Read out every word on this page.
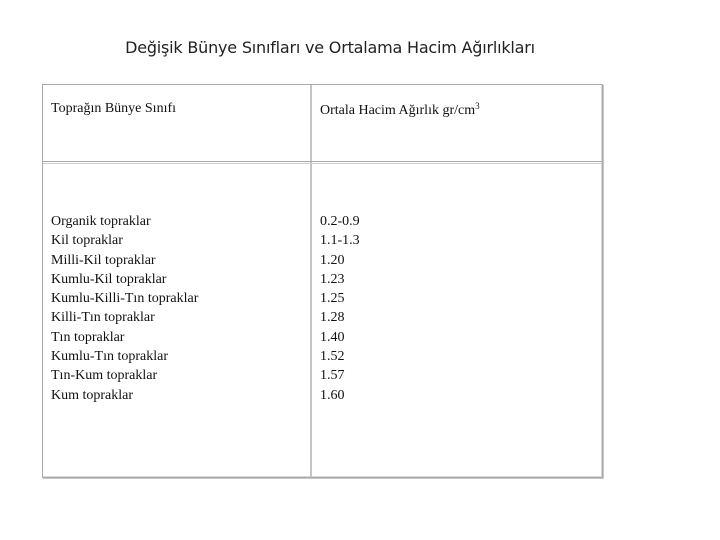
Değişik Bünye Sınıfları ve Ortalama Hacim Ağırlıkları
Toprağın Bünye Sınıfı	Ortala Hacim Ağırlık $gr/cm^3$
Organik topraklar
Kil topraklar
Milli-Kil topraklar
Kumlu-Kil topraklar
Kumlu-Killi-Tın topraklar
Killi-Tın topraklar
Tın topraklar
Kumlu-Tın topraklar
Tın-Kum topraklar
Kum topraklar
0.2-0.9
1.1-1.3
1.20
1.23
1.25
1.28
1.40
1.52
1.57
1.60
